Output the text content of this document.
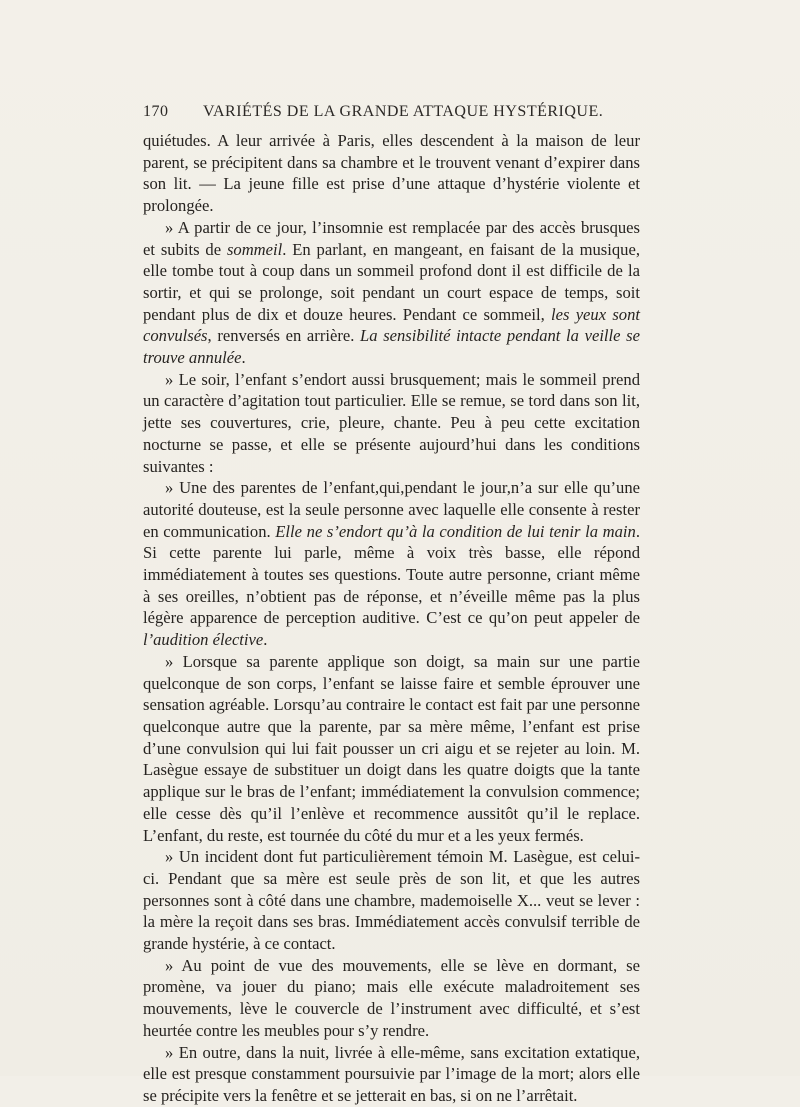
170 VARIÉTÉS DE LA GRANDE ATTAQUE HYSTÉRIQUE.

quiétudes. A leur arrivée à Paris, elles descendent à la maison de leur parent, se précipitent dans sa chambre et le trouvent venant d’expirer dans son lit. — La jeune fille est prise d’une attaque d’hystérie violente et prolongée.

» A partir de ce jour, l’insomnie est remplacée par des accès brusques et subits de sommeil. En parlant, en mangeant, en faisant de la musique, elle tombe tout à coup dans un sommeil profond dont il est difficile de la sortir, et qui se prolonge, soit pendant un court espace de temps, soit pendant plus de dix et douze heures. Pendant ce sommeil, les yeux sont convulsés, renversés en arrière. La sensibilité intacte pendant la veille se trouve annulée.

» Le soir, l’enfant s’endort aussi brusquement; mais le sommeil prend un caractère d’agitation tout particulier. Elle se remue, se tord dans son lit, jette ses couvertures, crie, pleure, chante. Peu à peu cette excitation nocturne se passe, et elle se présente aujourd’hui dans les conditions suivantes :

» Une des parentes de l’enfant,qui,pendant le jour,n’a sur elle qu’une autorité douteuse, est la seule personne avec laquelle elle consente à rester en communication. Elle ne s’endort qu’à la condition de lui tenir la main. Si cette parente lui parle, même à voix très basse, elle répond immédiatement à toutes ses questions. Toute autre personne, criant même à ses oreilles, n’obtient pas de réponse, et n’éveille même pas la plus légère apparence de perception auditive. C’est ce qu’on peut appeler de l’audition élective.

» Lorsque sa parente applique son doigt, sa main sur une partie quelconque de son corps, l’enfant se laisse faire et semble éprouver une sensation agréable. Lorsqu’au contraire le contact est fait par une personne quelconque autre que la parente, par sa mère même, l’enfant est prise d’une convulsion qui lui fait pousser un cri aigu et se rejeter au loin. M. Lasègue essaye de substituer un doigt dans les quatre doigts que la tante applique sur le bras de l’enfant; immédiatement la convulsion commence; elle cesse dès qu’il l’enlève et recommence aussitôt qu’il le replace. L’enfant, du reste, est tournée du côté du mur et a les yeux fermés.

» Un incident dont fut particulièrement témoin M. Lasègue, est celui-ci. Pendant que sa mère est seule près de son lit, et que les autres personnes sont à côté dans une chambre, mademoiselle X... veut se lever : la mère la reçoit dans ses bras. Immédiatement accès convulsif terrible de grande hystérie, à ce contact.

» Au point de vue des mouvements, elle se lève en dormant, se promène, va jouer du piano; mais elle exécute maladroitement ses mouvements, lève le couvercle de l’instrument avec difficulté, et s’est heurtée contre les meubles pour s’y rendre.

» En outre, dans la nuit, livrée à elle-même, sans excitation extatique, elle est presque constamment poursuivie par l’image de la mort; alors elle se précipite vers la fenêtre et se jetterait en bas, si on ne l’arrêtait.
